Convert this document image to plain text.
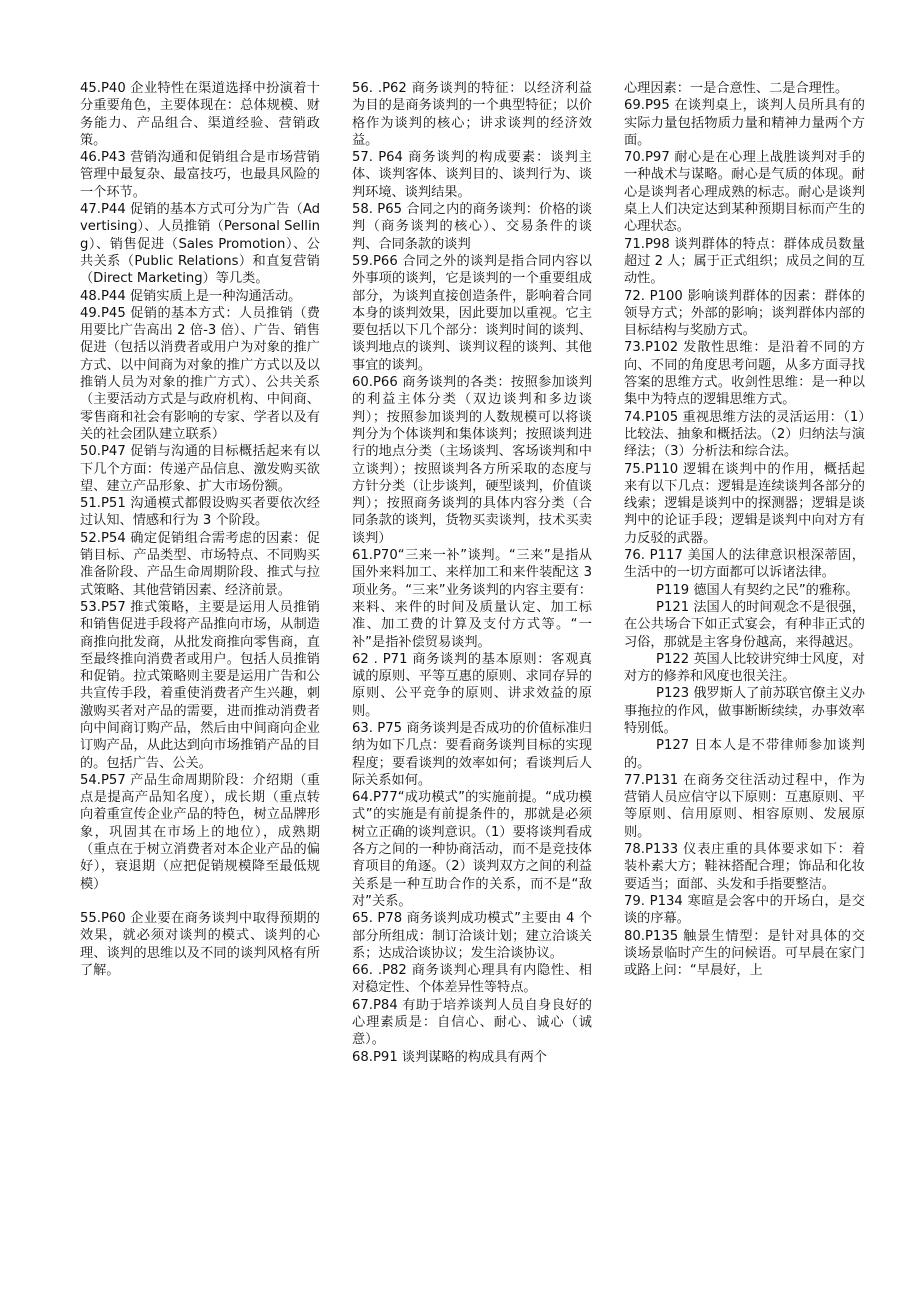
45.P40 企业特性在渠道选择中扮演着十分重要角色，主要体现在：总体规模、财务能力、产品组合、渠道经验、营销政策。

46.P43 营销沟通和促销组合是市场营销管理中最复杂、最富技巧，也最具风险的一个环节。

47.P44 促销的基本方式可分为广告（Advertising）、人员推销（Personal Selling）、销售促进（Sales Promotion）、公共关系（Public Relations）和直复营销（Direct Marketing）等几类。

48.P44 促销实质上是一种沟通活动。

49.P45 促销的基本方式：人员推销（费用要比广告高出 2 倍-3 倍）、广告、销售促进（包括以消费者或用户为对象的推广方式、以中间商为对象的推广方式以及以推销人员为对象的推广方式）、公共关系（主要活动方式是与政府机构、中间商、零售商和社会有影响的专家、学者以及有关的社会团队建立联系）

50.P47 促销与沟通的目标概括起来有以下几个方面：传递产品信息、激发购买欲望、建立产品形象、扩大市场份额。

51.P51 沟通模式都假设购买者要依次经过认知、情感和行为 3 个阶段。

52.P54 确定促销组合需考虑的因素：促销目标、产品类型、市场特点、不同购买准备阶段、产品生命周期阶段、推式与拉式策略、其他营销因素、经济前景。

53.P57 推式策略，主要是运用人员推销和销售促进手段将产品推向市场，从制造商推向批发商，从批发商推向零售商，直至最终推向消费者或用户。包括人员推销和促销。拉式策略则主要是运用广告和公共宣传手段，着重使消费者产生兴趣，刺激购买者对产品的需要，进而推动消费者向中间商订购产品，然后由中间商向企业订购产品，从此达到向市场推销产品的目的。包括广告、公关。

54.P57 产品生命周期阶段：介绍期（重点是提高产品知名度），成长期（重点转向着重宣传企业产品的特色，树立品牌形象，巩固其在市场上的地位），成熟期（重点在于树立消费者对本企业产品的偏好），衰退期（应把促销规模降至最低规模）

55.P60 企业要在商务谈判中取得预期的效果，就必须对谈判的模式、谈判的心理、谈判的思维以及不同的谈判风格有所了解。

56. .P62 商务谈判的特征：以经济利益为目的是商务谈判的一个典型特征；以价格作为谈判的核心；讲求谈判的经济效益。

57. P64 商务谈判的构成要素：谈判主体、谈判客体、谈判目的、谈判行为、谈判环境、谈判结果。

58. P65 合同之内的商务谈判：价格的谈判（商务谈判的核心）、交易条件的谈判、合同条款的谈判

59.P66 合同之外的谈判是指合同内容以外事项的谈判，它是谈判的一个重要组成部分，为谈判直接创造条件，影响着合同本身的谈判效果，因此要加以重视。它主要包括以下几个部分：谈判时间的谈判、谈判地点的谈判、谈判议程的谈判、其他事宜的谈判。

60.P66 商务谈判的各类：按照参加谈判的利益主体分类（双边谈判和多边谈判）；按照参加谈判的人数规模可以将谈判分为个体谈判和集体谈判；按照谈判进行的地点分类（主场谈判、客场谈判和中立谈判）；按照谈判各方所采取的态度与方针分类（让步谈判，硬型谈判，价值谈判）；按照商务谈判的具体内容分类（合同条款的谈判，货物买卖谈判，技术买卖谈判）

61.P70“三来一补”谈判。“三来”是指从国外来料加工、来样加工和来件装配这 3 项业务。“三来”业务谈判的内容主要有：来料、来件的时间及质量认定、加工标准、加工费的计算及支付方式等。“一补”是指补偿贸易谈判。

62 . P71 商务谈判的基本原则：客观真诚的原则、平等互惠的原则、求同存异的原则、公平竞争的原则、讲求效益的原则。

63. P75 商务谈判是否成功的价值标准归纳为如下几点：要看商务谈判目标的实现程度；要看谈判的效率如何；看谈判后人际关系如何。

64.P77“成功模式”的实施前提。“成功模式”的实施是有前提条件的，那就是必须树立正确的谈判意识。（1）要将谈判看成各方之间的一种协商活动，而不是竞技体育项目的角逐。（2）谈判双方之间的利益关系是一种互助合作的关系，而不是“敌对”关系。

65. P78 商务谈判成功模式”主要由 4 个部分所组成：制订洽谈计划；建立洽谈关系；达成洽谈协议；发生洽谈协议。

66. .P82 商务谈判心理具有内隐性、相对稳定性、个体差异性等特点。

67.P84 有助于培养谈判人员自身良好的心理素质是：自信心、耐心、诚心（诚意）。

68.P91 谈判谋略的构成具有两个

心理因素：一是合意性、二是合理性。

69.P95 在谈判桌上，谈判人员所具有的实际力量包括物质力量和精神力量两个方面。

70.P97 耐心是在心理上战胜谈判对手的一种战术与谋略。耐心是气质的体现。耐心是谈判者心理成熟的标志。耐心是谈判桌上人们决定达到某种预期目标而产生的心理状态。

71.P98 谈判群体的特点：群体成员数量超过 2 人；属于正式组织；成员之间的互动性。

72. P100 影响谈判群体的因素：群体的领导方式；外部的影响；谈判群体内部的目标结构与奖励方式。

73.P102 发散性思维：是沿着不同的方向、不同的角度思考问题，从多方面寻找答案的思维方式。收剑性思维：是一种以集中为特点的逻辑思维方式。

74.P105 重视思维方法的灵活运用：（1）比较法、抽象和概括法。（2）归纳法与演绎法；（3）分析法和综合法。

75.P110 逻辑在谈判中的作用，概括起来有以下几点：逻辑是连续谈判各部分的线索；逻辑是谈判中的探测器；逻辑是谈判中的论证手段；逻辑是谈判中向对方有力反驳的武器。

76. P117 美国人的法律意识根深蒂固，生活中的一切方面都可以诉诸法律。

P119 德国人有契约之民”的雅称。

P121 法国人的时间观念不是很强，在公共场合下如正式宴会，有种非正式的习俗，那就是主客身份越高，来得越迟。

P122 英国人比较讲究绅士风度，对对方的修养和风度也很关注。

P123 俄罗斯人了前苏联官僚主义办事拖拉的作风，做事断断续续，办事效率特别低。

P127 日本人是不带律师参加谈判的。

77.P131 在商务交往活动过程中，作为营销人员应信守以下原则：互惠原则、平等原则、信用原则、相容原则、发展原则。

78.P133 仪表庄重的具体要求如下：着装朴素大方；鞋袜搭配合理；饰品和化妆要适当；面部、头发和手指要整洁。

79. P134 寒暄是会客中的开场白，是交谈的序幕。

80.P135 触景生情型：是针对具体的交谈场景临时产生的问候语。可早晨在家门或路上问：“早晨好，上
